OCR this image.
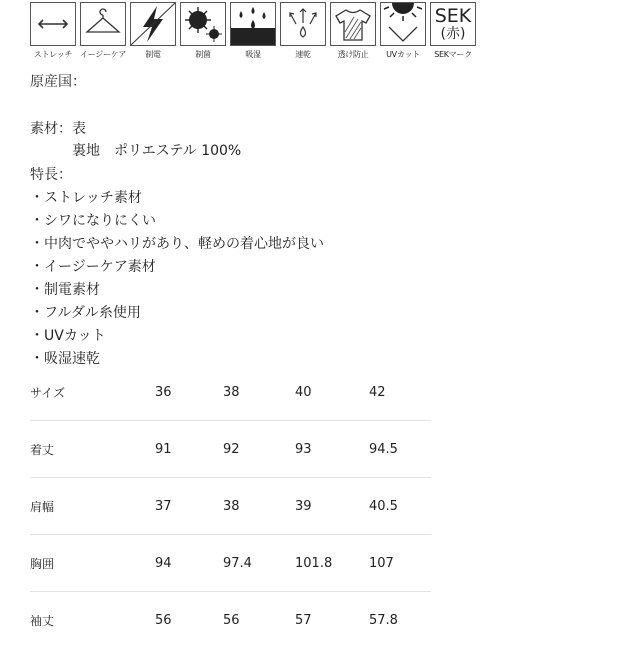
ストレッチ イージーケア	制電	制菌	吸湿	速乾	透け防止	UVカット
SEK
(赤)
SEKマーク
原産国：
素材：表
裏地　ポリエステル 100%
特長：
・ストレッチ素材
・シワになりにくい
・中肉でややハリがあり、軽めの着心地が良い
・イージーケア素材
・制電素材
・フルダル糸使用
・UVカット
・吸湿速乾
サイズ	36	38	40	42
着丈	91	92	93	94.5
肩幅	37	38	39	40.5
胸囲	94	97.4	101.8	107
袖丈	56	56	57	57.8
